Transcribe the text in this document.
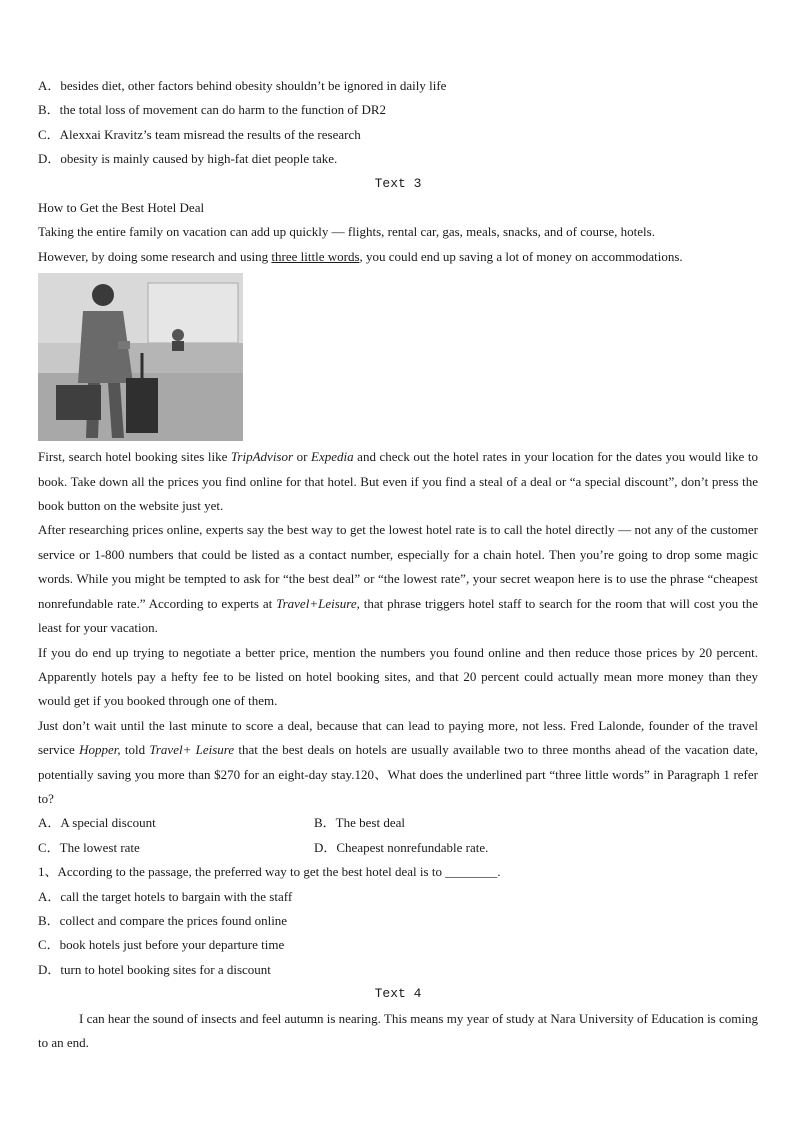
A．besides diet, other factors behind obesity shouldn’t be ignored in daily life
B．the total loss of movement can do harm to the function of DR2
C．Alexxai Kravitz’s team misread the results of the research
D．obesity is mainly caused by high-fat diet people take.
Text 3
How to Get the Best Hotel Deal
Taking the entire family on vacation can add up quickly — flights, rental car, gas, meals, snacks, and of course, hotels.
However, by doing some research and using three little words, you could end up saving a lot of money on accommodations.
First, search hotel booking sites like TripAdvisor or Expedia and check out the hotel rates in your location for the dates you would like to book. Take down all the prices you find online for that hotel. But even if you find a steal of a deal or “a special discount”, don’t press the book button on the website just yet.
After researching prices online, experts say the best way to get the lowest hotel rate is to call the hotel directly — not any of the customer service or 1-800 numbers that could be listed as a contact number, especially for a chain hotel. Then you’re going to drop some magic words. While you might be tempted to ask for “the best deal” or “the lowest rate”, your secret weapon here is to use the phrase “cheapest nonrefundable rate.” According to experts at Travel+Leisure, that phrase triggers hotel staff to search for the room that will cost you the least for your vacation.
If you do end up trying to negotiate a better price, mention the numbers you found online and then reduce those prices by 20 percent. Apparently hotels pay a hefty fee to be listed on hotel booking sites, and that 20 percent could actually mean more money than they would get if you booked through one of them.
Just don’t wait until the last minute to score a deal, because that can lead to paying more, not less. Fred Lalonde, founder of the travel service Hopper, told Travel+ Leisure that the best deals on hotels are usually available two to three months ahead of the vacation date, potentially saving you more than $270 for an eight-day stay.120、What does the underlined part “three little words” in Paragraph 1 refer to?
A．A special discount	B．The best deal
C．The lowest rate	D．Cheapest nonrefundable rate.
1、According to the passage, the preferred way to get the best hotel deal is to ________.
A．call the target hotels to bargain with the staff
B．collect and compare the prices found online
C．book hotels just before your departure time
D．turn to hotel booking sites for a discount
Text 4
I can hear the sound of insects and feel autumn is nearing. This means my year of study at Nara University of Education is coming to an end.
